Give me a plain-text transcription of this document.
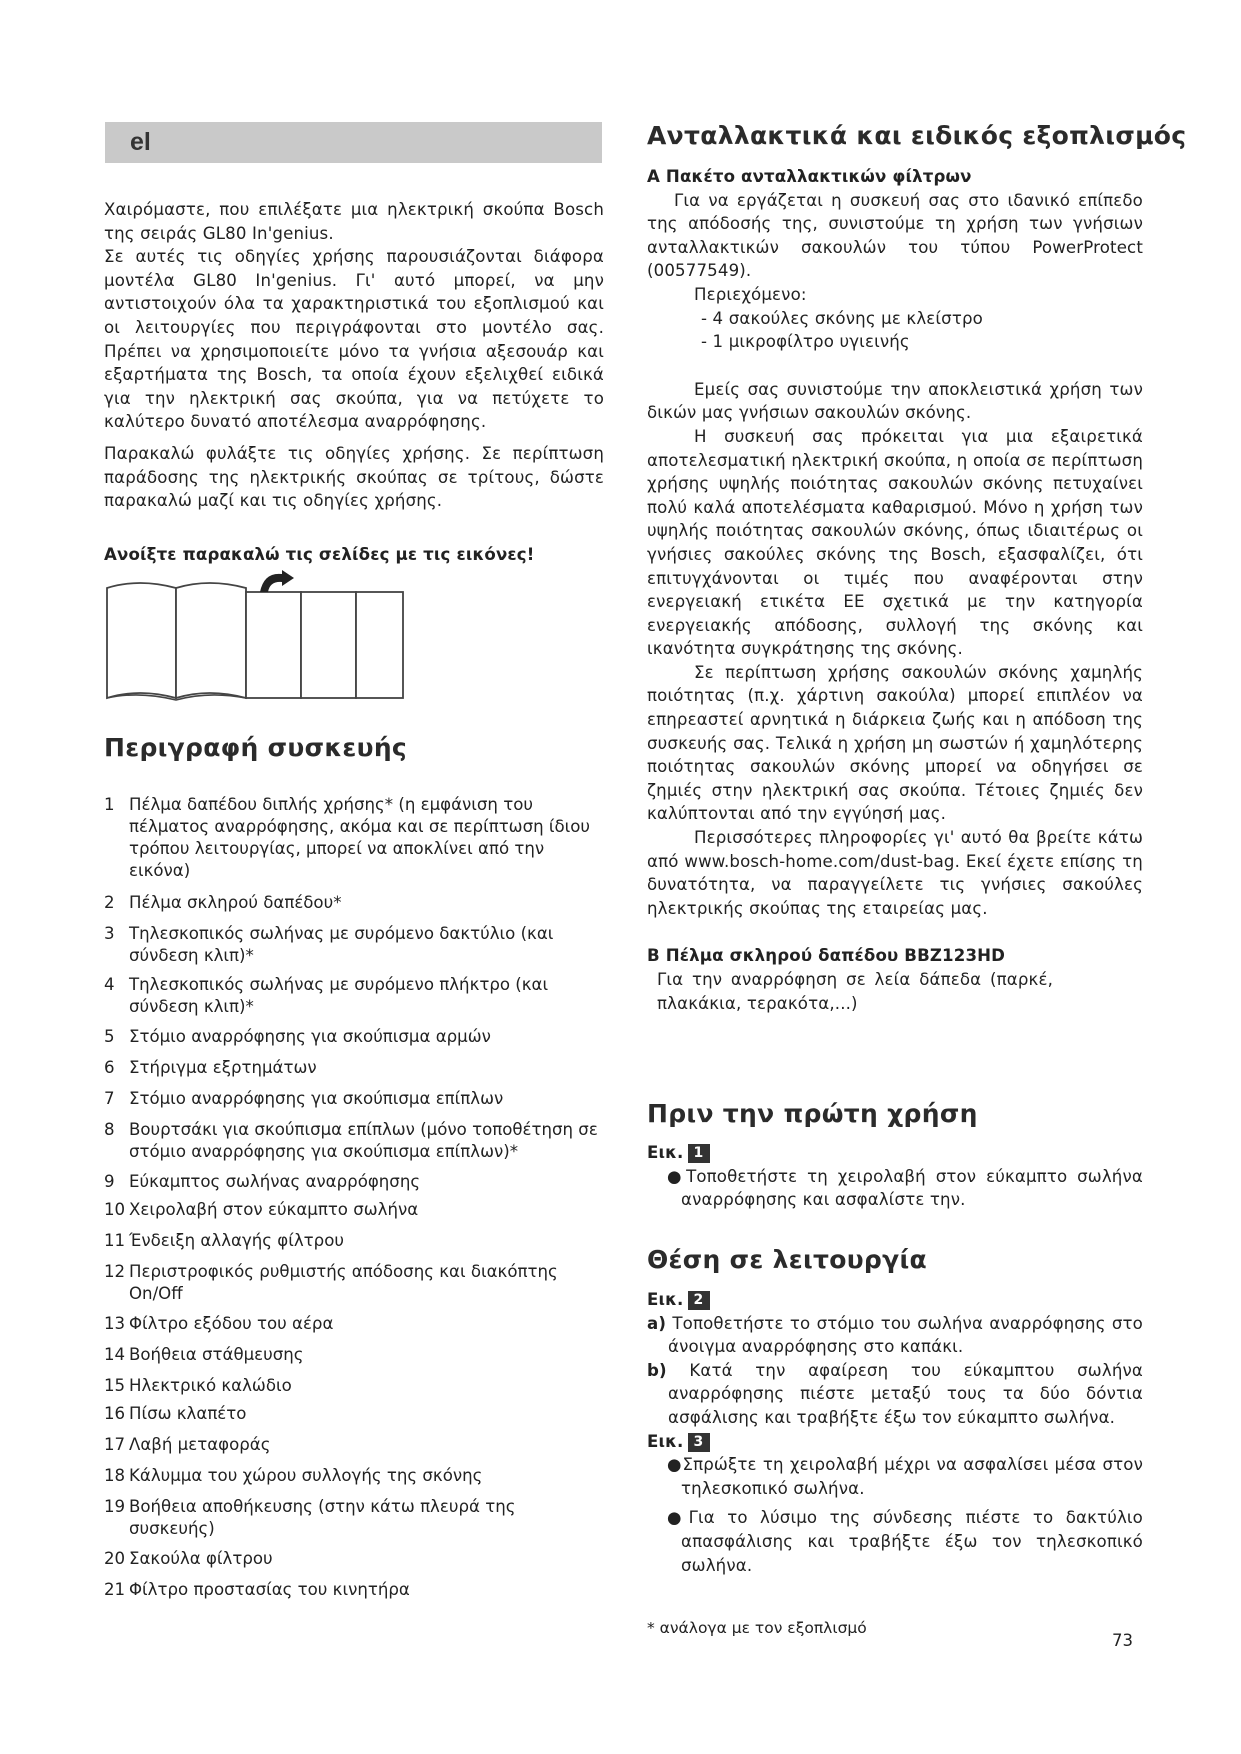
el

Χαιρόμαστε, που επιλέξατε μια ηλεκτρική σκούπα Bosch της σειράς GL80 In'genius.

Σε αυτές τις οδηγίες χρήσης παρουσιάζονται διάφορα μοντέλα GL80 In'genius. Γι' αυτό μπορεί, να μην αντιστοιχούν όλα τα χαρακτηριστικά του εξοπλισμού και οι λειτουργίες που περιγράφονται στο μοντέλο σας. Πρέπει να χρησιμοποιείτε μόνο τα γνήσια αξεσουάρ και εξαρτήματα της Bosch, τα οποία έχουν εξελιχθεί ειδικά για την ηλεκτρική σας σκούπα, για να πετύχετε το καλύτερο δυνατό αποτέλεσμα αναρρόφησης.

Παρακαλώ φυλάξτε τις οδηγίες χρήσης. Σε περίπτωση παράδοσης της ηλεκτρικής σκούπας σε τρίτους, δώστε παρακαλώ μαζί και τις οδηγίες χρήσης.

Ανοίξτε παρακαλώ τις σελίδες με τις εικόνες!

Περιγραφή συσκευής
1 Πέλμα δαπέδου διπλής χρήσης* (η εμφάνιση του πέλματος αναρρόφησης, ακόμα και σε περίπτωση ίδιου τρόπου λειτουργίας, μπορεί να αποκλίνει από την εικόνα)
2 Πέλμα σκληρού δαπέδου*
3 Τηλεσκοπικός σωλήνας με συρόμενο δακτύλιο (και σύνδεση κλιπ)*
4 Τηλεσκοπικός σωλήνας με συρόμενο πλήκτρο (και σύνδεση κλιπ)*
5 Στόμιο αναρρόφησης για σκούπισμα αρμών
6 Στήριγμα εξρτημάτων
7 Στόμιο αναρρόφησης για σκούπισμα επίπλων
8 Βουρτσάκι για σκούπισμα επίπλων (μόνο τοποθέτηση σε στόμιο αναρρόφησης για σκούπισμα επίπλων)*
9 Εύκαμπτος σωλήνας αναρρόφησης
10 Χειρολαβή στον εύκαμπτο σωλήνα
11 Ένδειξη αλλαγής φίλτρου
12 Περιστροφικός ρυθμιστής απόδοσης και διακόπτης On/Off
13 Φίλτρο εξόδου του αέρα
14 Βοήθεια στάθμευσης
15 Ηλεκτρικό καλώδιο
16 Πίσω κλαπέτο
17 Λαβή μεταφοράς
18 Κάλυμμα του χώρου συλλογής της σκόνης
19 Βοήθεια αποθήκευσης (στην κάτω πλευρά της συσκευής)
20 Σακούλα φίλτρου
21 Φίλτρο προστασίας του κινητήρα
Ανταλλακτικά και ειδικός εξοπλισμός

A Πακέτο ανταλλακτικών φίλτρων

Για να εργάζεται η συσκευή σας στο ιδανικό επίπεδο της απόδοσής της, συνιστούμε τη χρήση των γνήσιων ανταλλακτικών σακουλών του τύπου PowerProtect (00577549).

Περιεχόμενο:

- 4 σακούλες σκόνης με κλείστρο

- 1 μικροφίλτρο υγιεινής

Εμείς σας συνιστούμε την αποκλειστικά χρήση των δικών μας γνήσιων σακουλών σκόνης.

Η συσκευή σας πρόκειται για μια εξαιρετικά αποτελεσματική ηλεκτρική σκούπα, η οποία σε περίπτωση χρήσης υψηλής ποιότητας σακουλών σκόνης πετυχαίνει πολύ καλά αποτελέσματα καθαρισμού. Μόνο η χρήση των υψηλής ποιότητας σακουλών σκόνης, όπως ιδιαιτέρως οι γνήσιες σακούλες σκόνης της Bosch, εξασφαλίζει, ότι επιτυγχάνονται οι τιμές που αναφέρονται στην ενεργειακή ετικέτα ΕΕ σχετικά με την κατηγορία ενεργειακής απόδοσης, συλλογή της σκόνης και ικανότητα συγκράτησης της σκόνης.

Σε περίπτωση χρήσης σακουλών σκόνης χαμηλής ποιότητας (π.χ. χάρτινη σακούλα) μπορεί επιπλέον να επηρεαστεί αρνητικά η διάρκεια ζωής και η απόδοση της συσκευής σας. Τελικά η χρήση μη σωστών ή χαμηλότερης ποιότητας σακουλών σκόνης μπορεί να οδηγήσει σε ζημιές στην ηλεκτρική σας σκούπα. Τέτοιες ζημιές δεν καλύπτονται από την εγγύησή μας.

Περισσότερες πληροφορίες γι' αυτό θα βρείτε κάτω από www.bosch-home.com/dust-bag. Εκεί έχετε επίσης τη δυνατότητα, να παραγγείλετε τις γνήσιες σακούλες ηλεκτρικής σκούπας της εταιρείας μας.

B Πέλμα σκληρού δαπέδου BBZ123HD

Για την αναρρόφηση σε λεία δάπεδα (παρκέ, πλακάκια, τερακότα,...)

Πριν την πρώτη χρήση

Εικ. 1

●Τοποθετήστε τη χειρολαβή στον εύκαμπτο σωλήνα αναρρόφησης και ασφαλίστε την.

Θέση σε λειτουργία

Εικ. 2

a) Τοποθετήστε το στόμιο του σωλήνα αναρρόφησης στο άνοιγμα αναρρόφησης στο καπάκι.

b) Κατά την αφαίρεση του εύκαμπτου σωλήνα αναρρόφησης πιέστε μεταξύ τους τα δύο δόντια ασφάλισης και τραβήξτε έξω τον εύκαμπτο σωλήνα.

Εικ. 3

●Σπρώξτε τη χειρολαβή μέχρι να ασφαλίσει μέσα στον τηλεσκοπικό σωλήνα.

●Για το λύσιμο της σύνδεσης πιέστε το δακτύλιο απασφάλισης και τραβήξτε έξω τον τηλεσκοπικό σωλήνα.

* ανάλογα με τον εξοπλισμό
73
